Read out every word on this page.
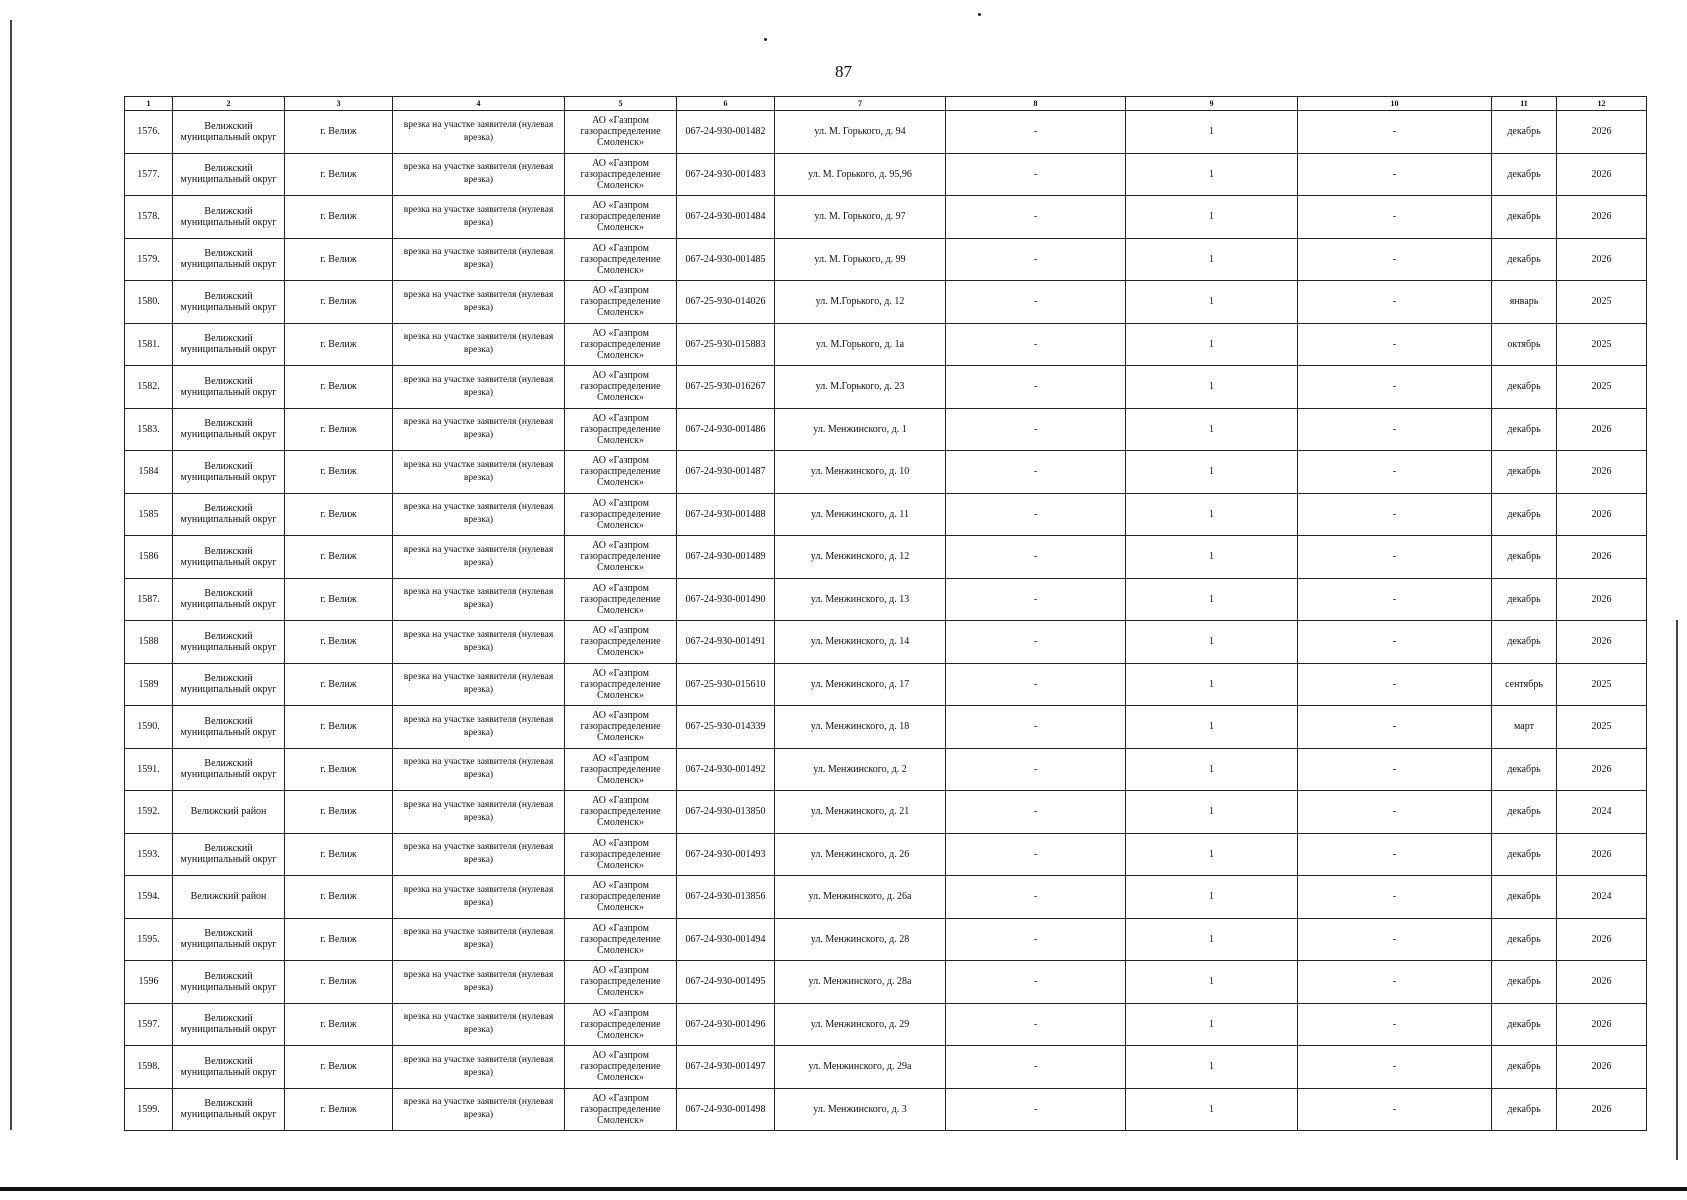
87
1	2	3	4	5	6	7	8	9	10	11	12
1576.	Велижский муниципальный округ	г. Велиж	врезка на участке заявителя (нулевая врезка)	АО «Газпром газораспределение Смоленск»	067-24-930-001482	ул. М. Горького, д. 94	-	1	-	декабрь	2026
1577.	Велижский муниципальный округ	г. Велиж	врезка на участке заявителя (нулевая врезка)	АО «Газпром газораспределение Смоленск»	067-24-930-001483	ул. М. Горького, д. 95,96	-	1	-	декабрь	2026
1578.	Велижский муниципальный округ	г. Велиж	врезка на участке заявителя (нулевая врезка)	АО «Газпром газораспределение Смоленск»	067-24-930-001484	ул. М. Горького, д. 97	-	1	-	декабрь	2026
1579.	Велижский муниципальный округ	г. Велиж	врезка на участке заявителя (нулевая врезка)	АО «Газпром газораспределение Смоленск»	067-24-930-001485	ул. М. Горького, д. 99	-	1	-	декабрь	2026
1580.	Велижский муниципальный округ	г. Велиж	врезка на участке заявителя (нулевая врезка)	АО «Газпром газораспределение Смоленск»	067-25-930-014026	ул. М.Горького, д. 12	-	1	-	январь	2025
1581.	Велижский муниципальный округ	г. Велиж	врезка на участке заявителя (нулевая врезка)	АО «Газпром газораспределение Смоленск»	067-25-930-015883	ул. М.Горького, д. 1а	-	1	-	октябрь	2025
1582.	Велижский муниципальный округ	г. Велиж	врезка на участке заявителя (нулевая врезка)	АО «Газпром газораспределение Смоленск»	067-25-930-016267	ул. М.Горького, д. 23	-	1	-	декабрь	2025
1583.	Велижский муниципальный округ	г. Велиж	врезка на участке заявителя (нулевая врезка)	АО «Газпром газораспределение Смоленск»	067-24-930-001486	ул. Менжинского, д. 1	-	1	-	декабрь	2026
1584	Велижский муниципальный округ	г. Велиж	врезка на участке заявителя (нулевая врезка)	АО «Газпром газораспределение Смоленск»	067-24-930-001487	ул. Менжинского, д. 10	-	1	-	декабрь	2026
1585	Велижский муниципальный округ	г. Велиж	врезка на участке заявителя (нулевая врезка)	АО «Газпром газораспределение Смоленск»	067-24-930-001488	ул. Менжинского, д. 11	-	1	-	декабрь	2026
1586	Велижский муниципальный округ	г. Велиж	врезка на участке заявителя (нулевая врезка)	АО «Газпром газораспределение Смоленск»	067-24-930-001489	ул. Менжинского, д. 12	-	1	-	декабрь	2026
1587.	Велижский муниципальный округ	г. Велиж	врезка на участке заявителя (нулевая врезка)	АО «Газпром газораспределение Смоленск»	067-24-930-001490	ул. Менжинского, д. 13	-	1	-	декабрь	2026
1588	Велижский муниципальный округ	г. Велиж	врезка на участке заявителя (нулевая врезка)	АО «Газпром газораспределение Смоленск»	067-24-930-001491	ул. Менжинского, д. 14	-	1	-	декабрь	2026
1589	Велижский муниципальный округ	г. Велиж	врезка на участке заявителя (нулевая врезка)	АО «Газпром газораспределение Смоленск»	067-25-930-015610	ул. Менжинского, д. 17	-	1	-	сентябрь	2025
1590.	Велижский муниципальный округ	г. Велиж	врезка на участке заявителя (нулевая врезка)	АО «Газпром газораспределение Смоленск»	067-25-930-014339	ул. Менжинского, д. 18	-	1	-	март	2025
1591.	Велижский муниципальный округ	г. Велиж	врезка на участке заявителя (нулевая врезка)	АО «Газпром газораспределение Смоленск»	067-24-930-001492	ул. Менжинского, д. 2	-	1	-	декабрь	2026
1592.	Велижский район	г. Велиж	врезка на участке заявителя (нулевая врезка)	АО «Газпром газораспределение Смоленск»	067-24-930-013850	ул. Менжинского, д. 21	-	1	-	декабрь	2024
1593.	Велижский муниципальный округ	г. Велиж	врезка на участке заявителя (нулевая врезка)	АО «Газпром газораспределение Смоленск»	067-24-930-001493	ул. Менжинского, д. 26	-	1	-	декабрь	2026
1594.	Велижский район	г. Велиж	врезка на участке заявителя (нулевая врезка)	АО «Газпром газораспределение Смоленск»	067-24-930-013856	ул. Менжинского, д. 26а	-	1	-	декабрь	2024
1595.	Велижский муниципальный округ	г. Велиж	врезка на участке заявителя (нулевая врезка)	АО «Газпром газораспределение Смоленск»	067-24-930-001494	ул. Менжинского, д. 28	-	1	-	декабрь	2026
1596	Велижский муниципальный округ	г. Велиж	врезка на участке заявителя (нулевая врезка)	АО «Газпром газораспределение Смоленск»	067-24-930-001495	ул. Менжинского, д. 28а	-	1	-	декабрь	2026
1597.	Велижский муниципальный округ	г. Велиж	врезка на участке заявителя (нулевая врезка)	АО «Газпром газораспределение Смоленск»	067-24-930-001496	ул. Менжинского, д. 29	-	1	-	декабрь	2026
1598.	Велижский муниципальный округ	г. Велиж	врезка на участке заявителя (нулевая врезка)	АО «Газпром газораспределение Смоленск»	067-24-930-001497	ул. Менжинского, д. 29а	-	1	-	декабрь	2026
1599.	Велижский муниципальный округ	г. Велиж	врезка на участке заявителя (нулевая врезка)	АО «Газпром газораспределение Смоленск»	067-24-930-001498	ул. Менжинского, д. 3	-	1	-	декабрь	2026
